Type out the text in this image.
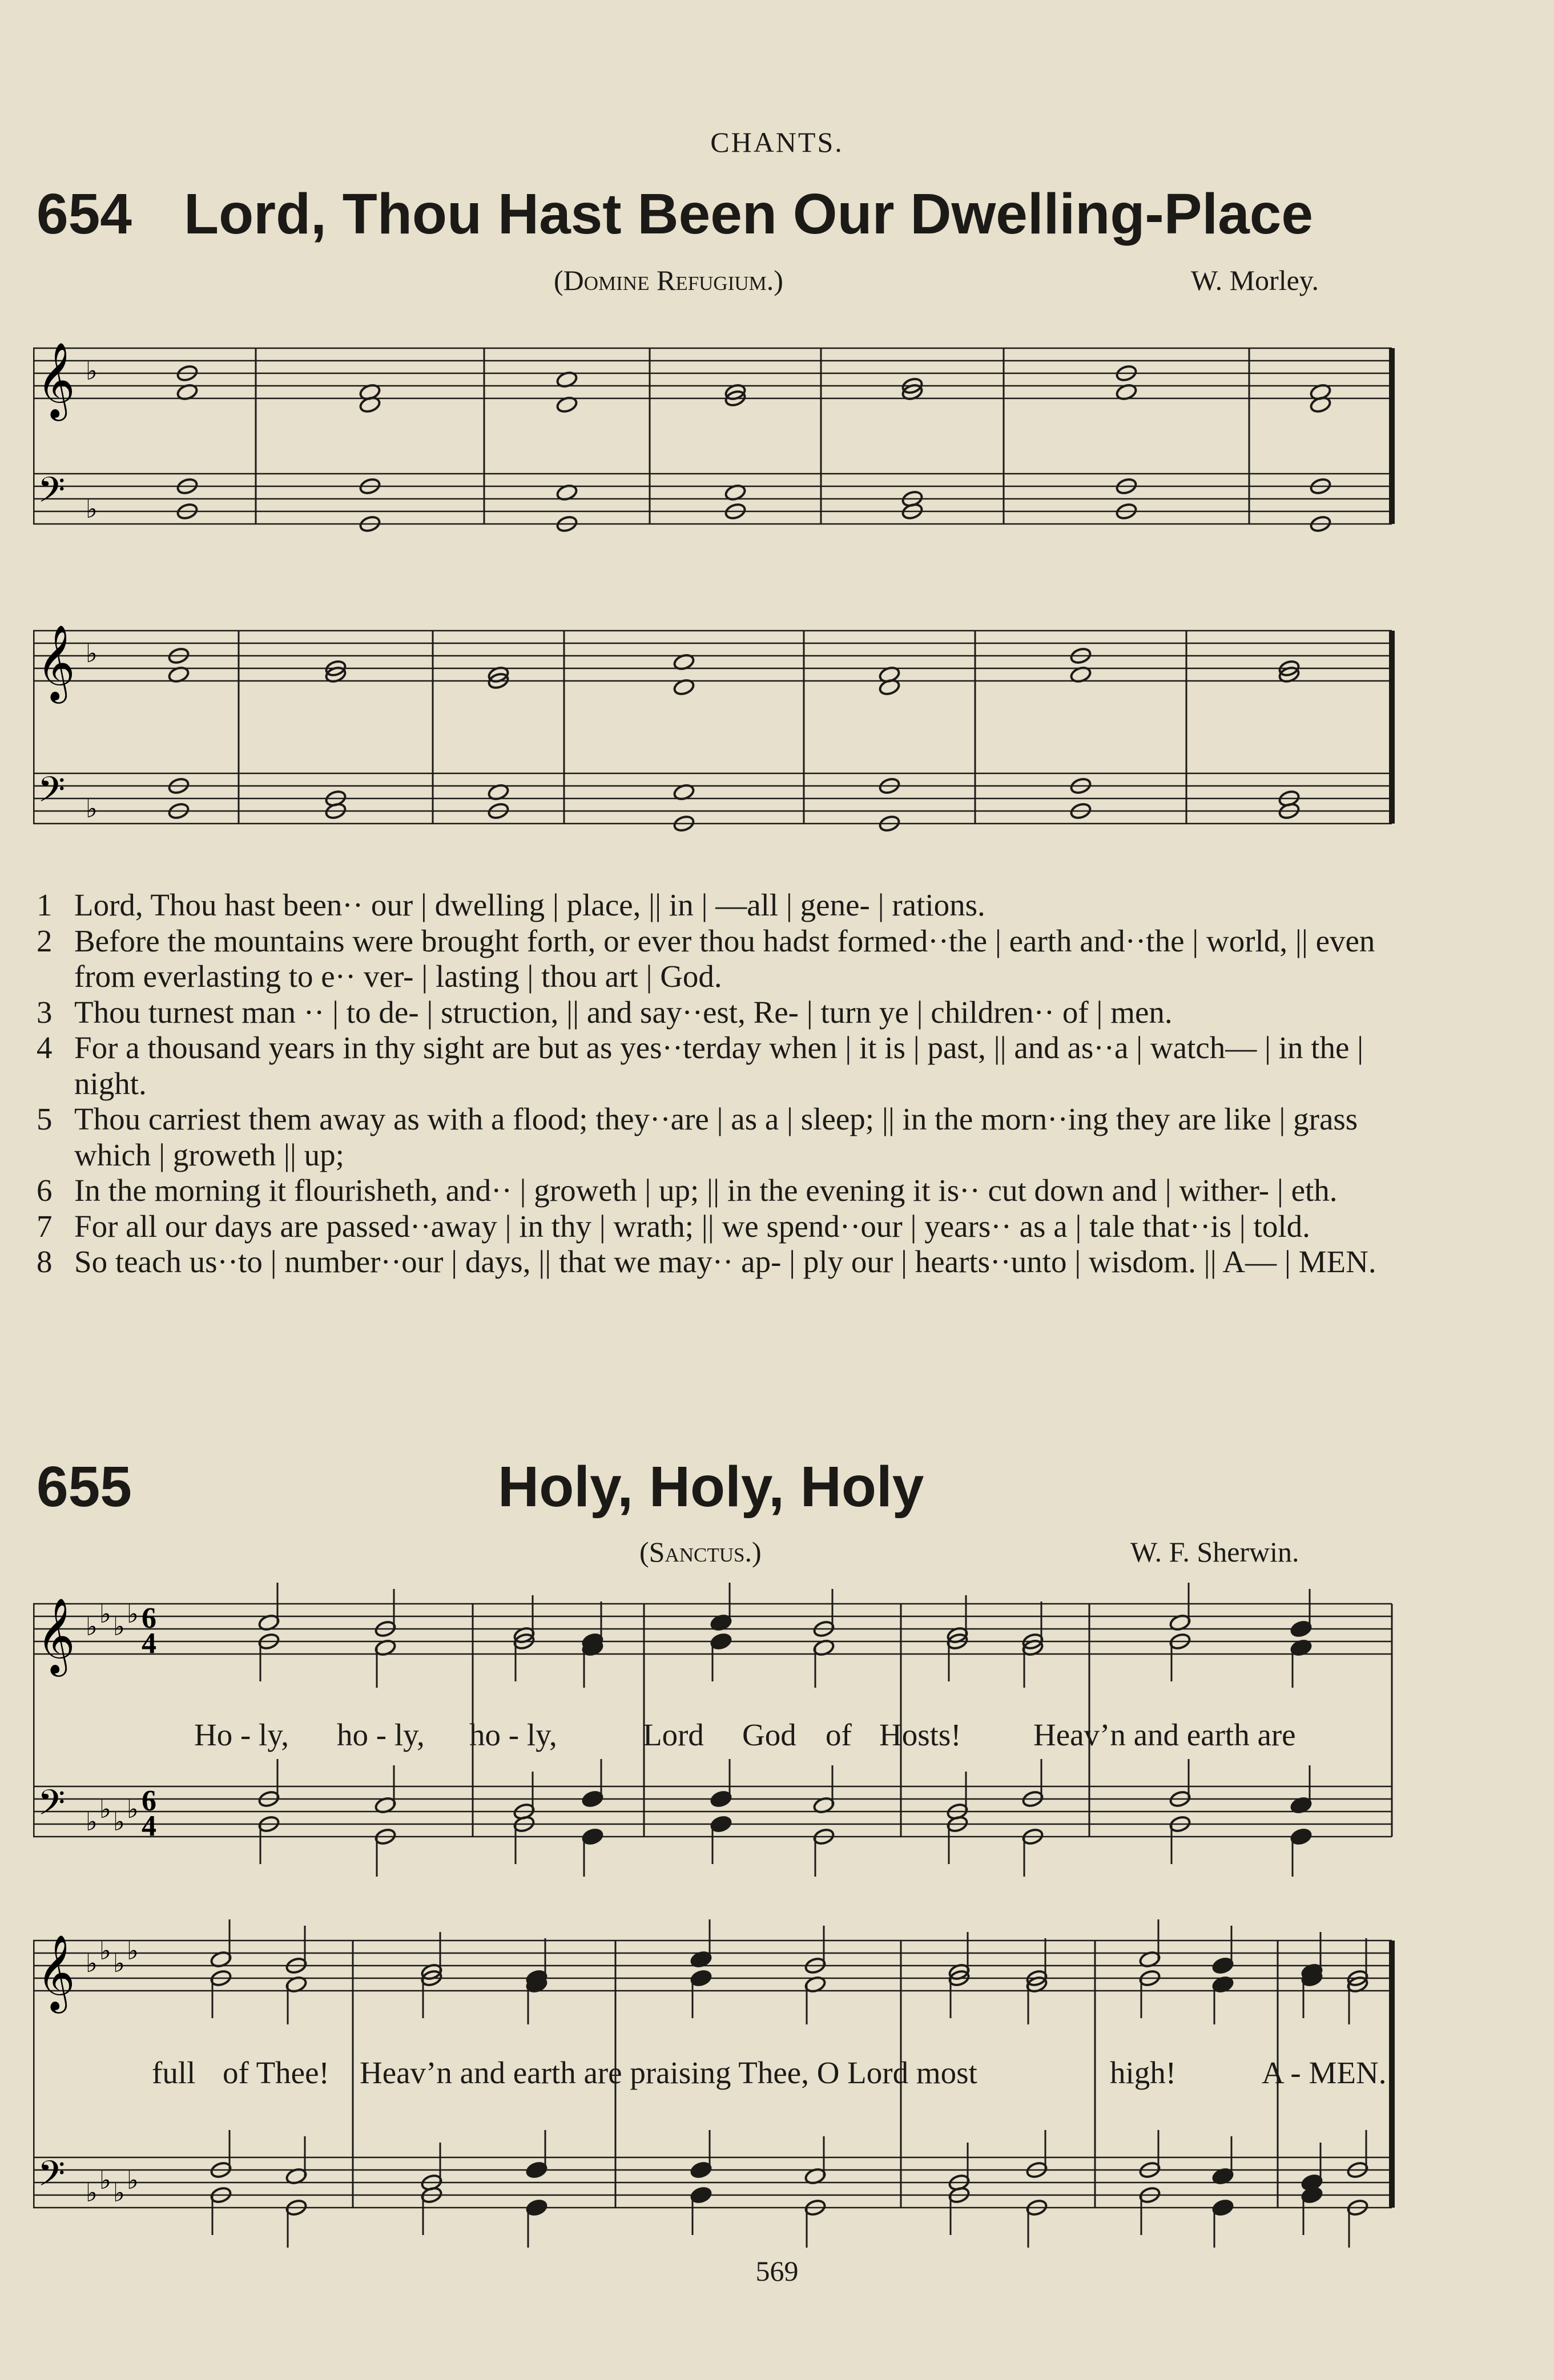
CHANTS.
654 Lord, Thou Hast Been Our Dwelling-Place
(Domine Refugium.)	W. Morley.
𝄞
𝄢
♭
♭
𝄞
𝄢
♭
♭
1 Lord, Thou hast been·· our | dwelling | place, || in | —all | gene- | rations.
2 Before the mountains were brought forth, or ever thou hadst formed··the | earth and··the | world, || even from everlasting to e·· ver- | lasting | thou art | God.
3 Thou turnest man ·· | to de- | struction, || and say··est, Re- | turn ye | children·· of | men.
4 For a thousand years in thy sight are but as yes··terday when | it is | past, || and as··a | watch— | in the | night.
5 Thou carriest them away as with a flood; they··are | as a | sleep; || in the morn··ing they are like | grass which | groweth || up;
6 In the morning it flourisheth, and·· | groweth | up; || in the evening it is·· cut down and | wither- | eth.
7 For all our days are passed··away | in thy | wrath; || we spend··our | years·· as a | tale that··is | told.
8 So teach us··to | number··our | days, || that we may·· ap- | ply our | hearts··unto | wisdom. || A— | MEN.
655	Holy, Holy, Holy
(Sanctus.)	W. F. Sherwin.
𝄞
𝄢
♭
♭
♭
♭
♭
♭
♭
♭
6
4
6
4
𝄞
𝄢
♭
♭
♭
♭
♭
♭
♭
♭
Ho - ly, ho - ly, ho - ly,	Lord God of Hosts! Heav’n and earth are
full of Thee! Heav’n and earth are praising Thee, O Lord most	high!	A - MEN.
569
